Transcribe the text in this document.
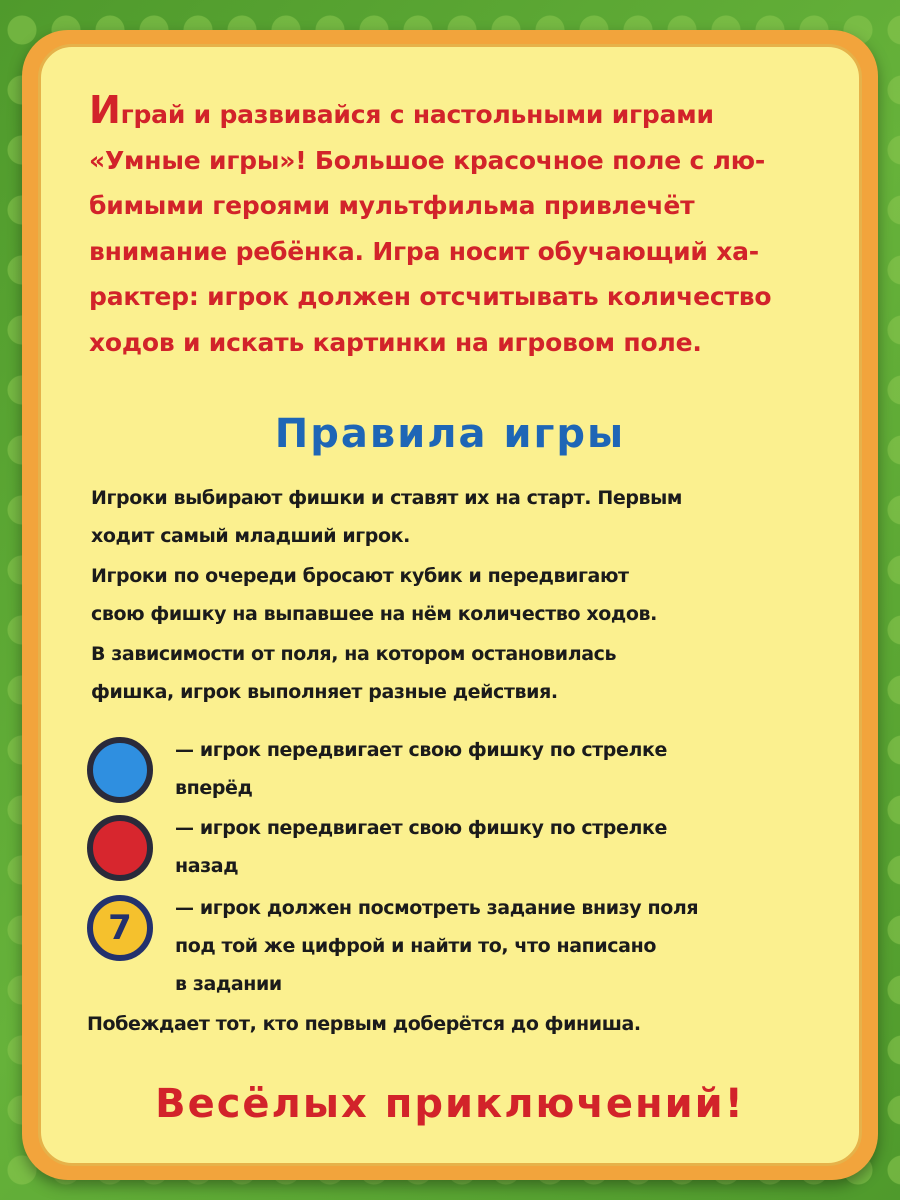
Играй и развивайся с настольными играми
«Умные игры»! Большое красочное поле с лю-
бимыми героями мультфильма привлечёт
внимание ребёнка. Игра носит обучающий ха-
рактер: игрок должен отсчитывать количество
ходов и искать картинки на игровом поле.
Правила игры
Игроки выбирают фишки и ставят их на старт. Первым
ходит самый младший игрок.
Игроки по очереди бросают кубик и передвигают
свою фишку на выпавшее на нём количество ходов.
В зависимости от поля, на котором остановилась
фишка, игрок выполняет разные действия.
— игрок передвигает свою фишку по стрелке
вперёд
— игрок передвигает свою фишку по стрелке
назад
7	— игрок должен посмотреть задание внизу поля
под той же цифрой и найти то, что написано
в задании
Побеждает тот, кто первым доберётся до финиша.
Весёлых приключений!
